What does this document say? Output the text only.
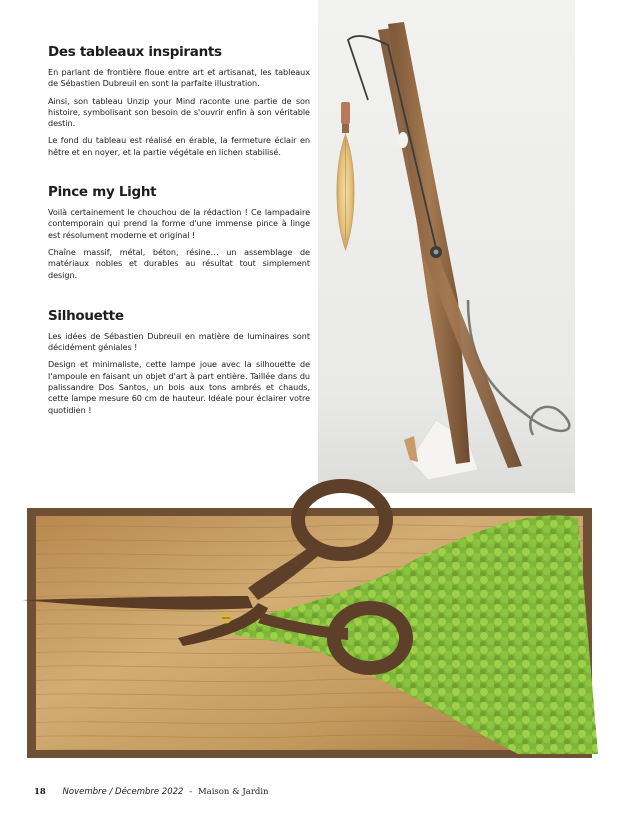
Des tableaux inspirants

En parlant de frontière floue entre art et artisanat, les tableaux de Sébastien Dubreuil en sont la parfaite illustration.

Ainsi, son tableau Unzip your Mind raconte une partie de son histoire, symbolisant son besoin de s'ouvrir enfin à son véritable destin.

Le fond du tableau est réalisé en érable, la fermeture éclair en hêtre et en noyer, et la partie végétale en lichen stabilisé.

Pince my Light

Voilà certainement le chouchou de la rédaction ! Ce lampadaire contemporain qui prend la forme d'une immense pince à linge est résolument moderne et original !

Chaîne massif, métal, béton, résine… un assemblage de matériaux nobles et durables au résultat tout simplement design.

Silhouette

Les idées de Sébastien Dubreuil en matière de luminaires sont décidément géniales !

Design et minimaliste, cette lampe joue avec la silhouette de l'ampoule en faisant un objet d'art à part entière. Taillée dans du palissandre Dos Santos, un bois aux tons ambrés et chauds, cette lampe mesure 60 cm de hauteur. Idéale pour éclairer votre quotidien !

18 Novembre / Décembre 2022 - Maison & Jardin
